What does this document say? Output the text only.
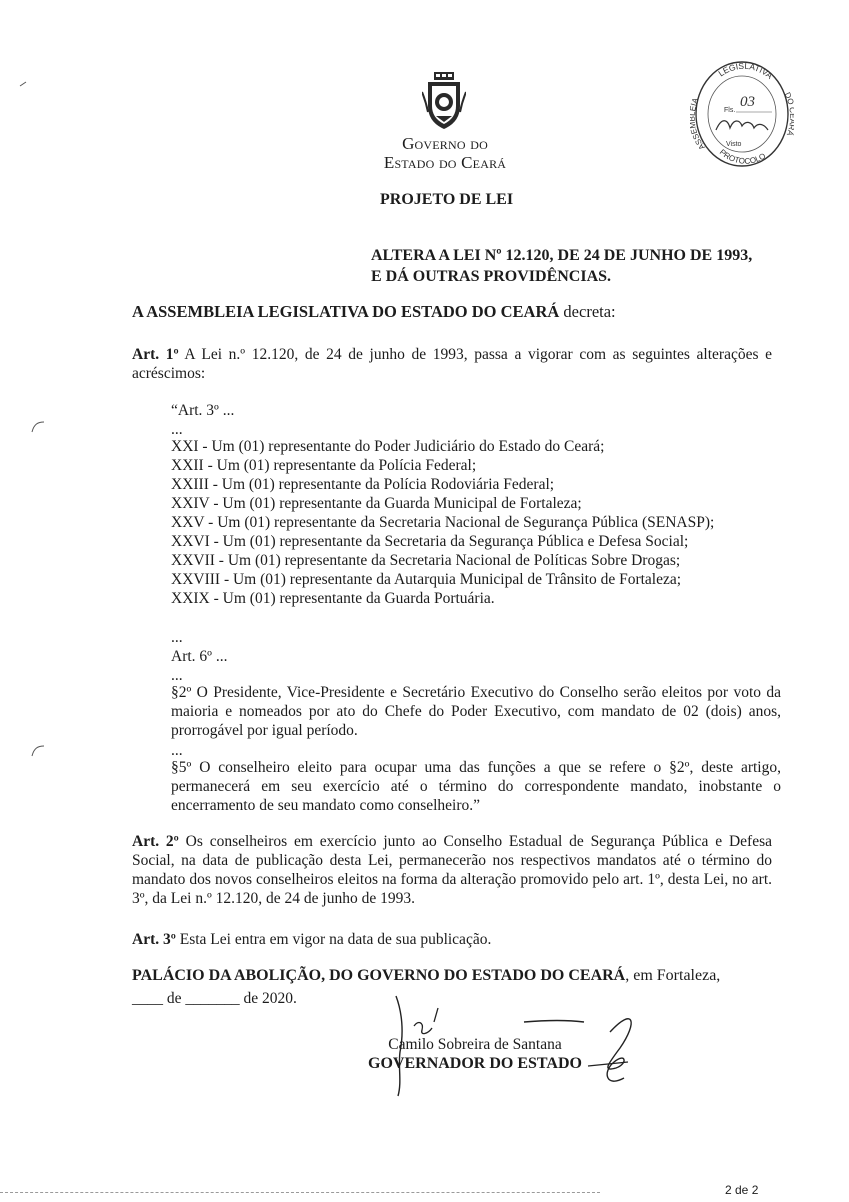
Governo do
Estado do Ceará
LEGISLATIVA
ASSE IA
D
PROTOCOLO
Fls.
03
Visto
PROJETO DE LEI
ALTERA A LEI Nº 12.120, DE 24 DE JUNHO DE 1993,
E DÁ OUTRAS PROVIDÊNCIAS.
A ASSEMBLEIA LEGISLATIVA DO ESTADO DO CEARÁ decreta:
Art. 1º A Lei n.º 12.120, de 24 de junho de 1993, passa a vigorar com as seguintes alterações e acréscimos:
“Art. 3º ...
...
XXI - Um (01) representante do Poder Judiciário do Estado do Ceará;
XXII - Um (01) representante da Polícia Federal;
XXIII - Um (01) representante da Polícia Rodoviária Federal;
XXIV - Um (01) representante da Guarda Municipal de Fortaleza;
XXV - Um (01) representante da Secretaria Nacional de Segurança Pública (SENASP);
XXVI - Um (01) representante da Secretaria da Segurança Pública e Defesa Social;
XXVII - Um (01) representante da Secretaria Nacional de Políticas Sobre Drogas;
XXVIII - Um (01) representante da Autarquia Municipal de Trânsito de Fortaleza;
XXIX - Um (01) representante da Guarda Portuária.
...
Art. 6º ...
...
§2º O Presidente, Vice-Presidente e Secretário Executivo do Conselho serão eleitos por voto da maioria e nomeados por ato do Chefe do Poder Executivo, com mandato de 02 (dois) anos, prorrogável por igual período.
...
§5º O conselheiro eleito para ocupar uma das funções a que se refere o §2º, deste artigo, permanecerá em seu exercício até o término do correspondente mandato, inobstante o encerramento de seu mandato como conselheiro.”
Art. 2º Os conselheiros em exercício junto ao Conselho Estadual de Segurança Pública e Defesa Social, na data de publicação desta Lei, permanecerão nos respectivos mandatos até o término do mandato dos novos conselheiros eleitos na forma da alteração promovido pelo art. 1º, desta Lei, no art. 3º, da Lei n.º 12.120, de 24 de junho de 1993.
Art. 3º Esta Lei entra em vigor na data de sua publicação.
PALÁCIO DA ABOLIÇÃO, DO GOVERNO DO ESTADO DO CEARÁ, em Fortaleza,
____ de _______ de 2020.
Camilo Sobreira de Santana
GOVERNADOR DO ESTADO
2 de 2
